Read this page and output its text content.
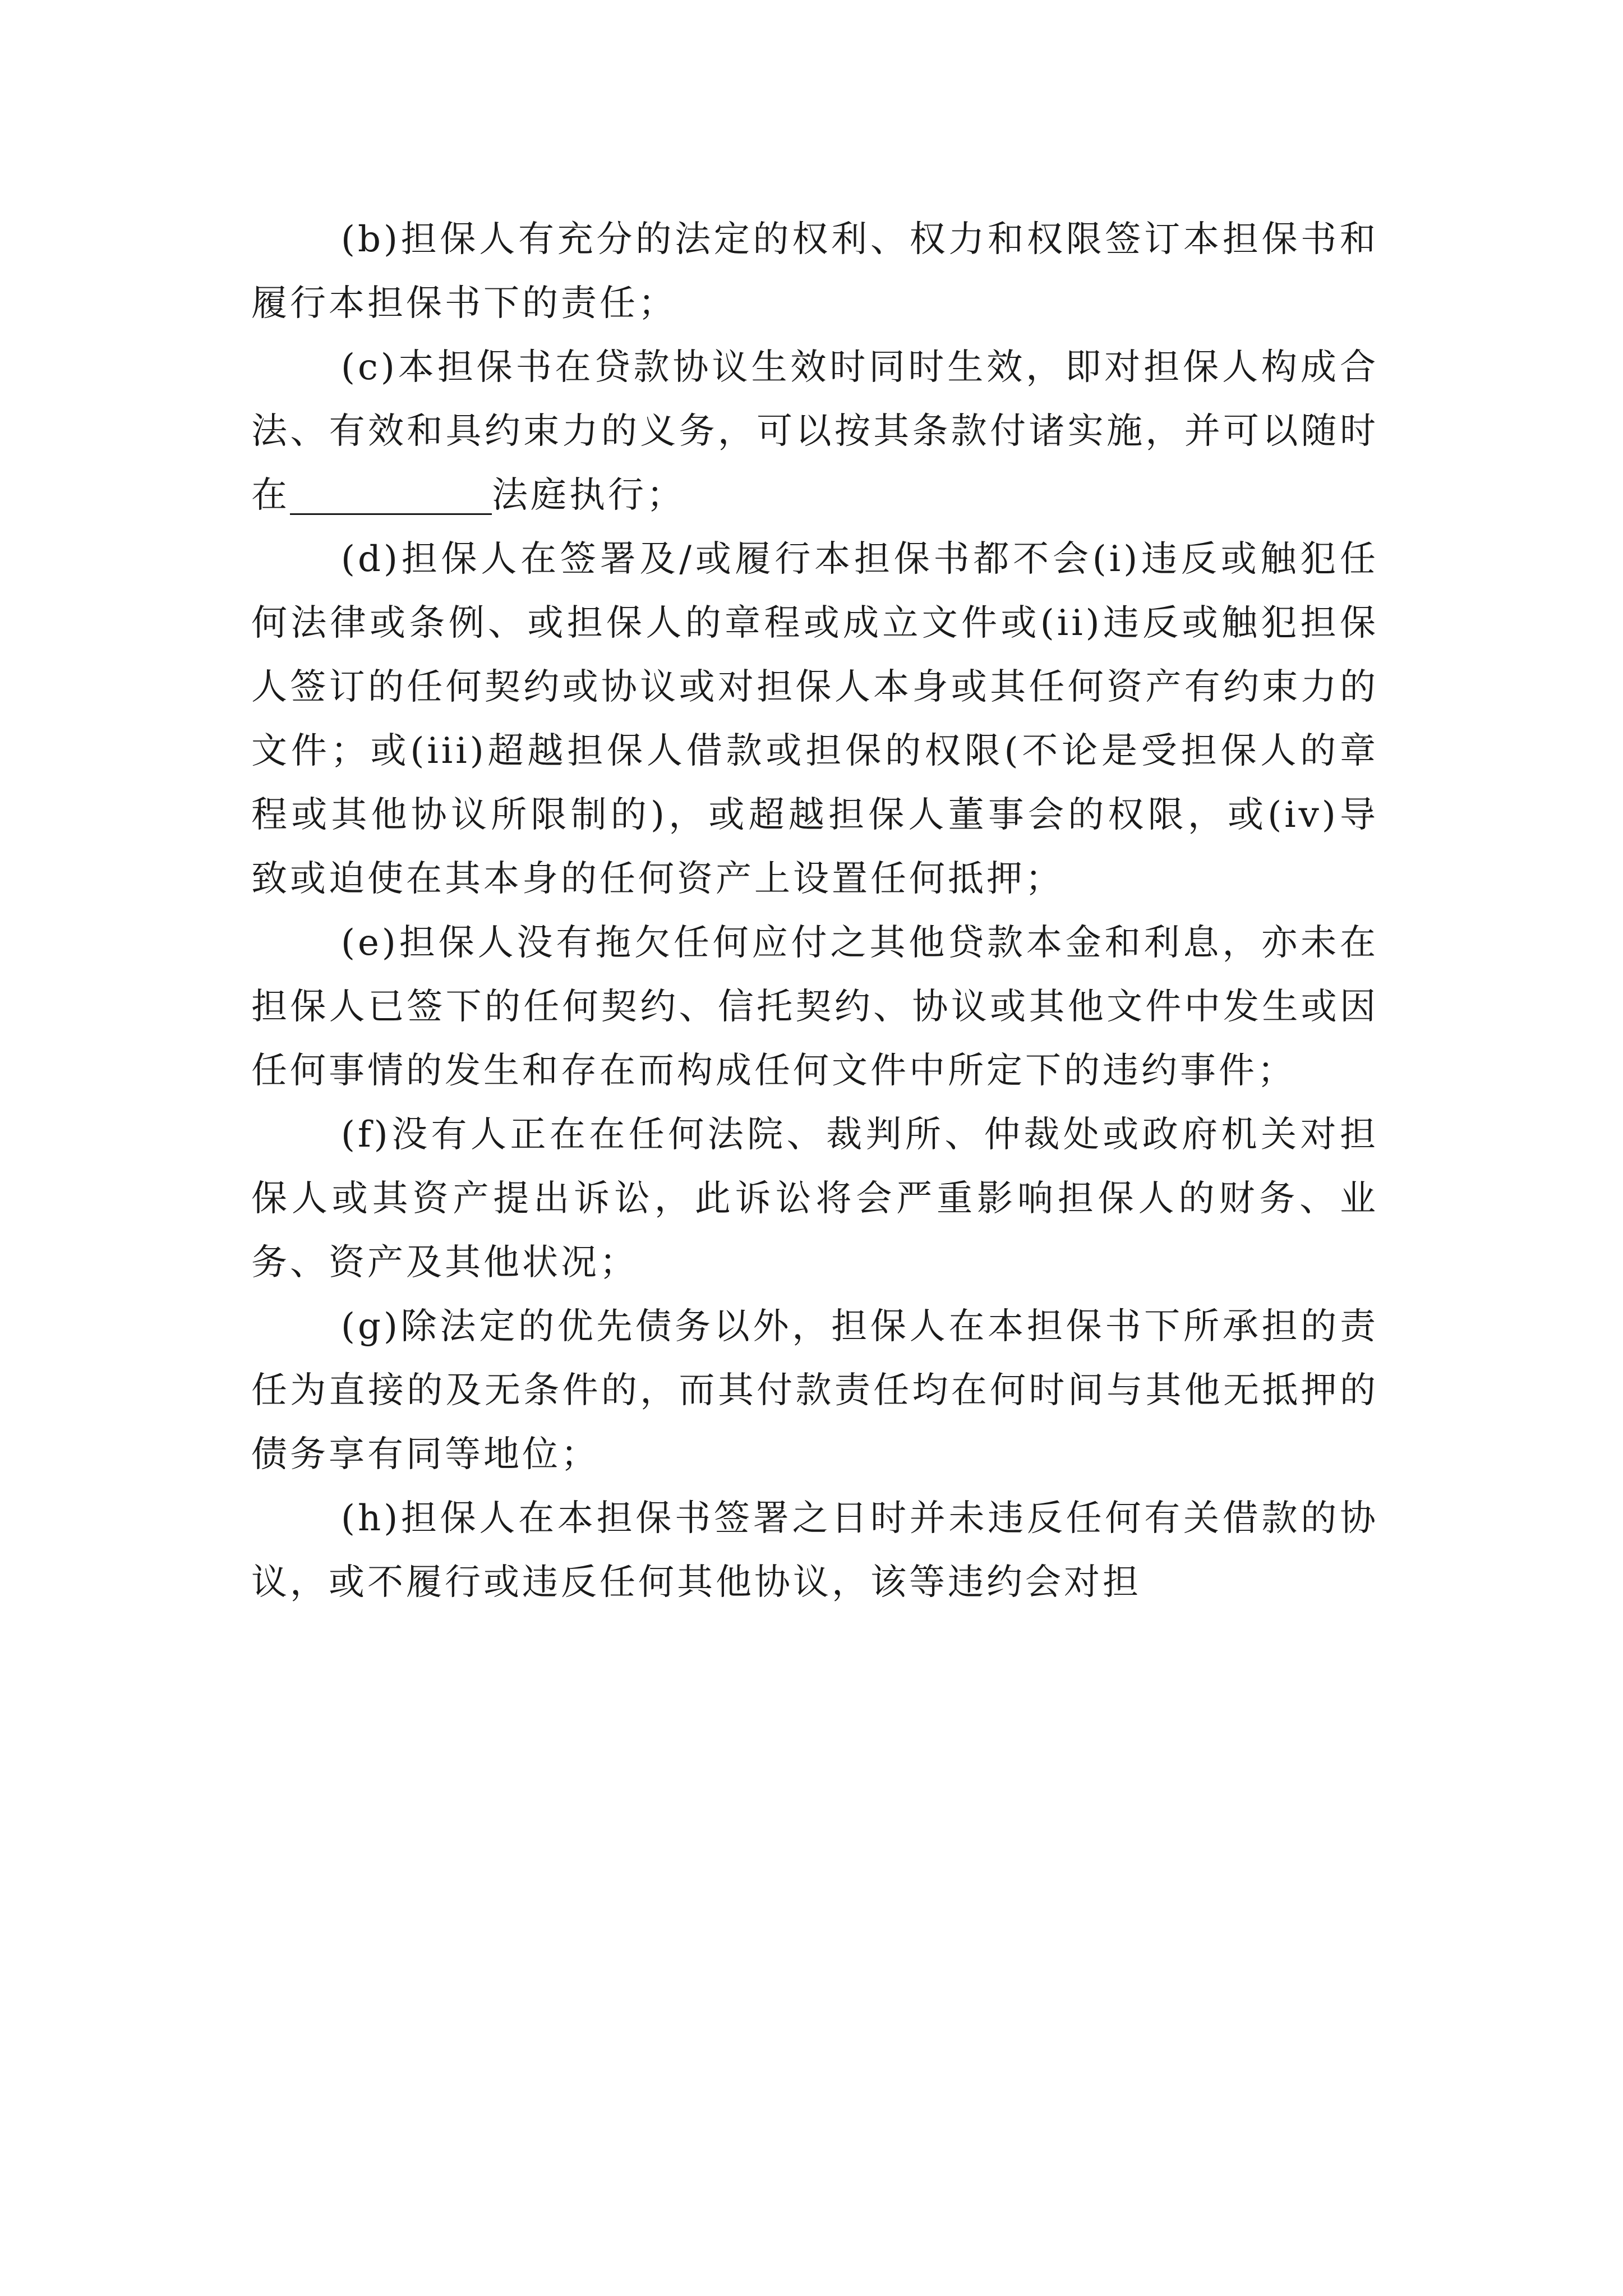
(b)担保人有充分的法定的权利、权力和权限签订本担保书和履行本担保书下的责任；

(c)本担保书在贷款协议生效时同时生效，即对担保人构成合法、有效和具约束力的义务，可以按其条款付诸实施，并可以随时在	法庭执行；

(d)担保人在签署及/或履行本担保书都不会(i)违反或触犯任何法律或条例、或担保人的章程或成立文件或(ii)违反或触犯担保人签订的任何契约或协议或对担保人本身或其任何资产有约束力的文件；或(iii)超越担保人借款或担保的权限(不论是受担保人的章程或其他协议所限制的)，或超越担保人董事会的权限，或(iv)导致或迫使在其本身的任何资产上设置任何抵押；

(e)担保人没有拖欠任何应付之其他贷款本金和利息，亦未在担保人已签下的任何契约、信托契约、协议或其他文件中发生或因任何事情的发生和存在而构成任何文件中所定下的违约事件；

(f)没有人正在在任何法院、裁判所、仲裁处或政府机关对担保人或其资产提出诉讼，此诉讼将会严重影响担保人的财务、业务、资产及其他状况；

(g)除法定的优先债务以外，担保人在本担保书下所承担的责任为直接的及无条件的，而其付款责任均在何时间与其他无抵押的债务享有同等地位；

(h)担保人在本担保书签署之日时并未违反任何有关借款的协议，或不履行或违反任何其他协议，该等违约会对担
